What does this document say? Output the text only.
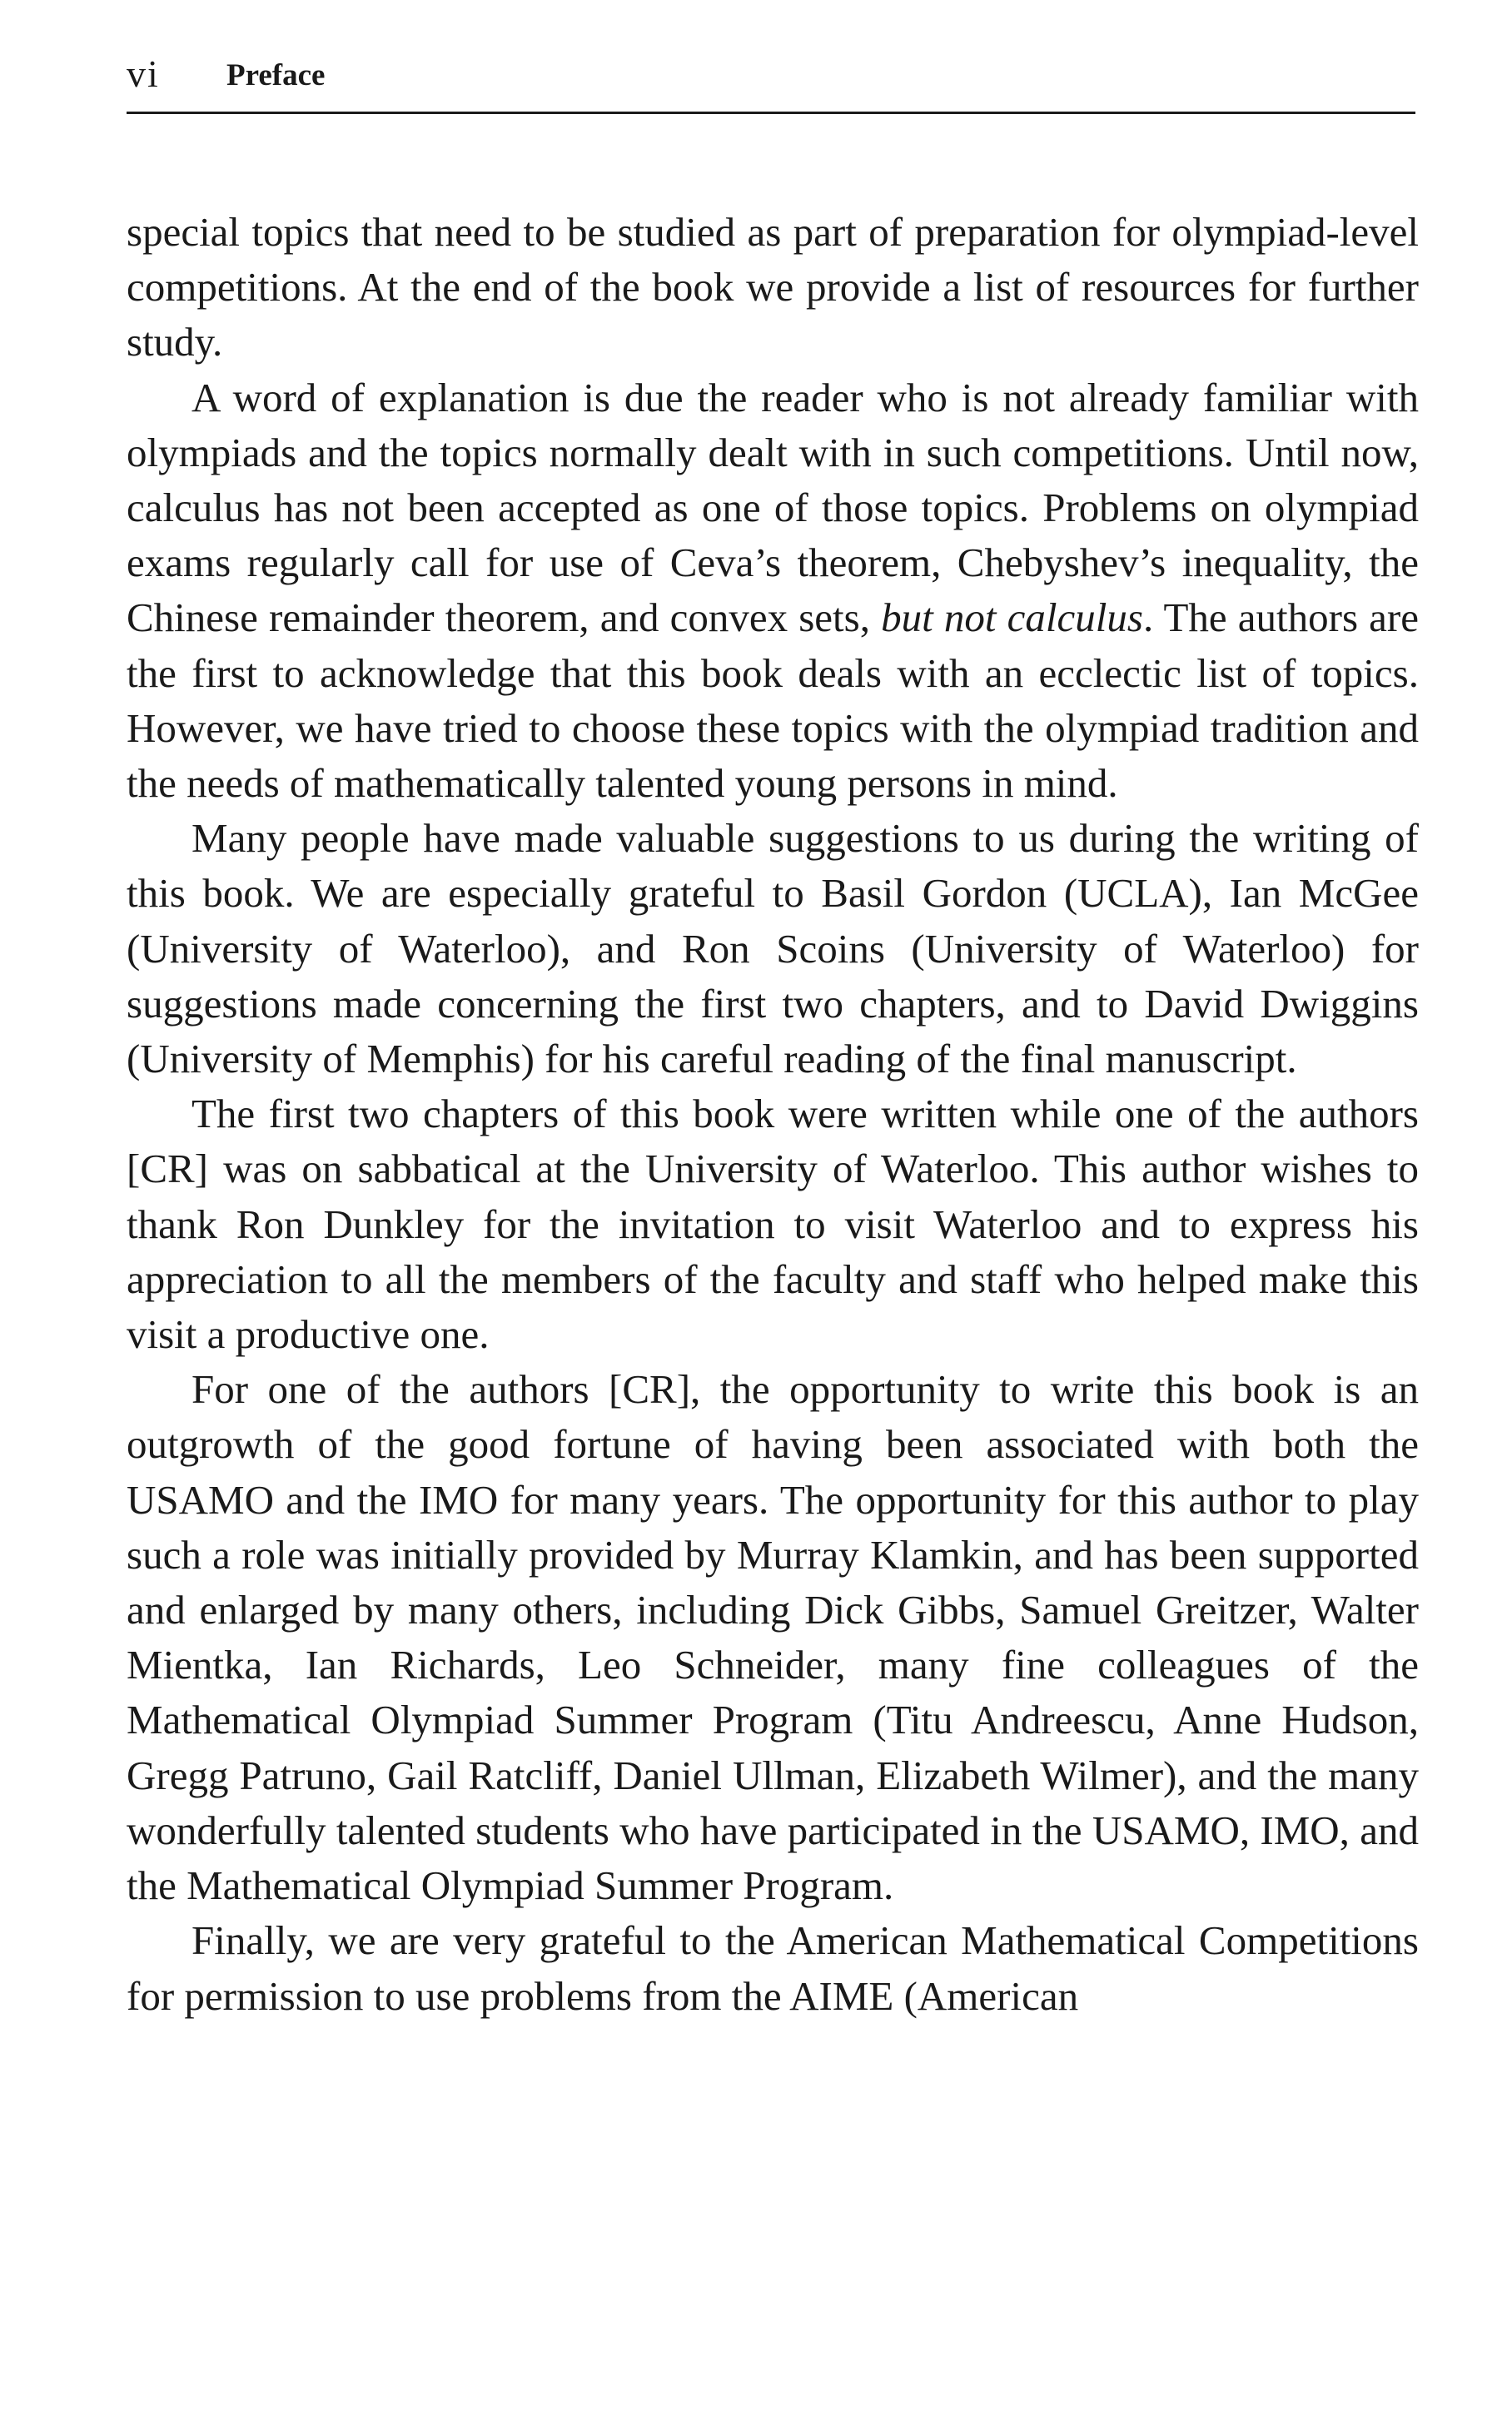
vi Preface

special topics that need to be studied as part of preparation for olympiad-level competitions. At the end of the book we provide a list of resources for further study.

A word of explanation is due the reader who is not already familiar with olympiads and the topics normally dealt with in such competitions. Until now, calculus has not been accepted as one of those topics. Problems on olympiad exams regularly call for use of Ceva’s theorem, Chebyshev’s inequality, the Chinese remainder theorem, and convex sets, but not calculus. The authors are the first to acknowledge that this book deals with an ecclectic list of topics. However, we have tried to choose these topics with the olympiad tradition and the needs of mathematically talented young persons in mind.

Many people have made valuable suggestions to us during the writing of this book. We are especially grateful to Basil Gordon (UCLA), Ian McGee (University of Waterloo), and Ron Scoins (University of Waterloo) for suggestions made concerning the first two chapters, and to David Dwiggins (University of Memphis) for his careful reading of the final manuscript.

The first two chapters of this book were written while one of the authors [CR] was on sabbatical at the University of Waterloo. This author wishes to thank Ron Dunkley for the invitation to visit Waterloo and to express his appreciation to all the members of the faculty and staff who helped make this visit a productive one.

For one of the authors [CR], the opportunity to write this book is an outgrowth of the good fortune of having been associated with both the USAMO and the IMO for many years. The opportunity for this author to play such a role was initially provided by Murray Klamkin, and has been supported and enlarged by many others, including Dick Gibbs, Samuel Greitzer, Walter Mientka, Ian Richards, Leo Schneider, many fine colleagues of the Mathematical Olympiad Summer Program (Titu Andreescu, Anne Hudson, Gregg Patruno, Gail Ratcliff, Daniel Ullman, Elizabeth Wilmer), and the many wonderfully talented students who have participated in the USAMO, IMO, and the Mathematical Olympiad Summer Program.

Finally, we are very grateful to the American Mathematical Competitions for permission to use problems from the AIME (American
